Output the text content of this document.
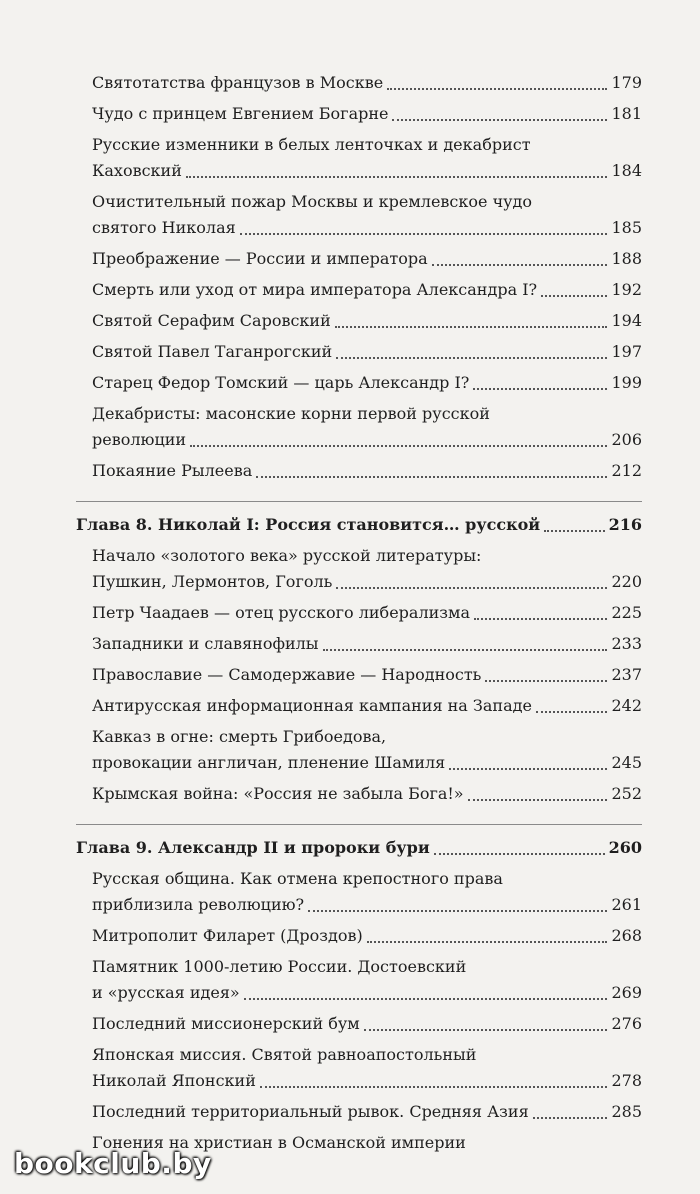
Святотатства французов в Москве	179
Чудо с принцем Евгением Богарне	181
Русские изменники в белых ленточках и декабрист
Каховский	184
Очистительный пожар Москвы и кремлевское чудо
святого Николая	185
Преображение — России и императора	188
Смерть или уход от мира императора Александра I?	192
Святой Серафим Саровский	194
Святой Павел Таганрогский	197
Старец Федор Томский — царь Александр I?	199
Декабристы: масонские корни первой русской
революции	206
Покаяние Рылеева	212
Глава 8. Николай I: Россия становится… русской	216
Начало «золотого века» русской литературы:
Пушкин, Лермонтов, Гоголь	220
Петр Чаадаев — отец русского либерализма	225
Западники и славянофилы	233
Православие — Самодержавие — Народность	237
Антирусская информационная кампания на Западе	242
Кавказ в огне: смерть Грибоедова,
провокации англичан, пленение Шамиля	245
Крымская война: «Россия не забыла Бога!»	252
Глава 9. Александр II и пророки бури	260
Русская община. Как отмена крепостного права
приблизила революцию?	261
Митрополит Филарет (Дроздов)	268
Памятник 1000-летию России. Достоевский
и «русская идея»	269
Последний миссионерский бум	276
Японская миссия. Святой равноапостольный
Николай Японский	278
Последний территориальный рывок. Средняя Азия	285
Гонения на христиан в Османской империи
bookclub.by
